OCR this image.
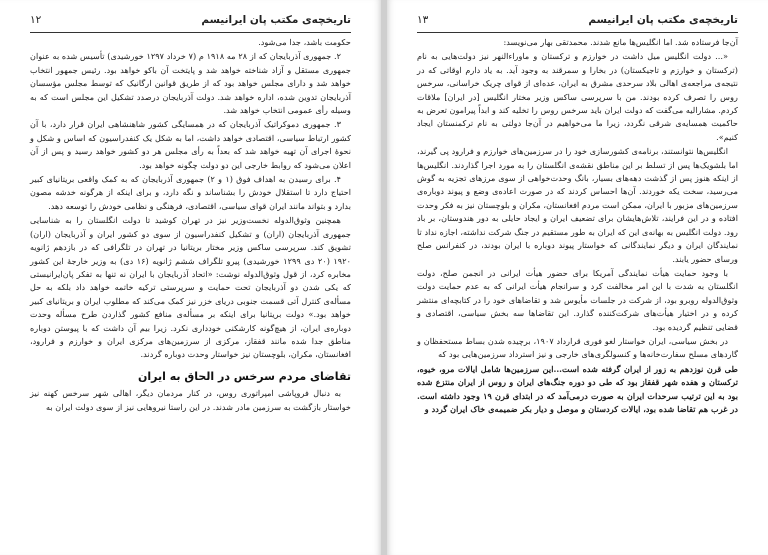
تاریخچه‌ی مکتب پان ایرانیسم
۱۲

حکومت باشد، جدا می‌شود.

۲. جمهوری آذربایجان که از ۲۸ مه ۱۹۱۸ م (۷ خرداد ۱۲۹۷ خورشیدی) تأسیس شده به عنوان جمهوری مستقل و آزاد شناخته خواهد شد و پایتخت آن باکو خواهد بود. رئیس جمهور انتخاب خواهد شد و دارای مجلس خواهد بود که از طریق قوانین ارگانیک که توسط مجلس مؤسسان آذربایجان تدوین شده، اداره خواهد شد. دولت آذربایجان درصدد تشکیل این مجلس است که به وسیله رأی عمومی انتخاب خواهد شد.

۳. جمهوری دموکراتیک آذربایجان که در همسایگی کشور شاهنشاهی ایران قرار دارد، با آن کشور ارتباط سیاسی، اقتصادی خواهد داشت، اما به شکل یک کنفدراسیون که اساس و شکل و نحوهٔ اجرای آن تهیه خواهد شد که بعداً به رأی مجلس هر دو کشور خواهد رسید و پس از آن اعلان می‌شود که روابط خارجی این دو دولت چگونه خواهد بود.

۴. برای رسیدن به اهداف فوق (۱ و ۲) جمهوری آذربایجان که به کمک واقعی بریتانیای کبیر احتیاج دارد تا استقلال خودش را بشناساند و نگه دارد، و برای اینکه از هرگونه خدشه مصون بدارد و بتواند مانند ایران قوای سیاسی، اقتصادی، فرهنگی و نظامی خودش را توسعه دهد.

همچنین وثوق‌الدوله نخست‌وزیر نیز در تهران کوشید تا دولت انگلستان را به شناسایی جمهوری آذربایجان (اران) و تشکیل کنفدراسیون از سوی دو کشور ایران و آذربایجان (اران) تشویق کند. سرپرسی ساکس وزیر مختار بریتانیا در تهران در تلگرافی که در بازدهم ژانویه ۱۹۲۰ (۲۰ دی ۱۲۹۹ خورشیدی) پیرو تلگراف ششم ژانویه (۱۶ دی) به وزیر خارجهٔ این کشور مخابره کرد، از قول وثوق‌الدوله نوشت: «اتحاد آذربایجان با ایران نه تنها به تفکر پان‌ایرانیستی که یکی شدن دو آذربایجان تحت حمایت و سرپرستی ترکیه خاتمه خواهد داد بلکه به حل مسأله‌ی کنترل آتی قسمت جنوبی دریای خزر نیز کمک می‌کند که مطلوب ایران و بریتانیای کبیر خواهد بود.» دولت بریتانیا برای اینکه بر مسأله‌ی منافع کشور گذاردن طرح مسأله وحدت دوباره‌ی ایران، از هیچ‌گونه کارشکنی خودداری نکرد. زیرا بیم آن داشت که با پیوستن دوباره مناطق جدا شده مانند قفقاز، مرکزی از سرزمین‌های مرکزی ایران و خوارزم و فرارود، افغانستان، مکران، بلوچستان نیز خواستار وحدت دوباره گردند.

تقاضای مردم سرخس در الحاق به ایران

به دنبال فروپاشی امپراتوری روس، در کنار مردمان دیگر، اهالی شهر سرخس کهنه نیز خواستار بازگشت به سرزمین مادر شدند. در این راستا نیروهایی نیز از سوی دولت ایران به

تاریخچه‌ی مکتب پان ایرانیسم
۱۳

آن‌جا فرستاده شد. اما انگلیس‌ها مانع شدند. محمدتقی بهار می‌نویسد:

«... دولت انگلیس میل داشت در خوارزم و ترکستان و ماوراءالنهر نیز دولت‌هایی به نام (ترکستان و خوارزم و تاجیکستان) در بخارا و سمرقند به وجود آید. به یاد دارم اوقاتی که در نتیجه‌ی مراجعه‌ی اهالی بلاد سرحدی مشرق به ایران، عده‌ای از قوای چریک خراسانی، سرخس روس را تصرف کرده بودند. من با سرپرسی ساکس وزیر مختار انگلیس [در ایران] ملاقات کردم. مشارالیه می‌گفت که دولت ایران باید سرخس روس را تخلیه کند و ابداً پیرامون تعرض به حاکمیت همسایه‌ی شرقی نگردد، زیرا ما می‌خواهیم در آن‌جا دولتی به نام ترکمنستان ایجاد کنیم».

انگلیس‌ها نتوانستند، برنامه‌ی کشورسازی خود را در سرزمین‌های خوارزم و فرارود پی گیرند، اما بلشویک‌ها پس از تسلط بر این مناطق نقشه‌ی انگلستان را به مورد اجرا گذاردند. انگلیس‌ها از اینکه هنوز پس از گذشت دهه‌های بسیار، بانگ وحدت‌خواهی از سوی مرزهای تجزیه به گوش می‌رسید، سخت یکه خوردند. آن‌ها احساس کردند که در صورت اعاده‌ی وضع و پیوند دوباره‌ی سرزمین‌های مزبور با ایران، ممکن است مردم افغانستان، مکران و بلوچستان نیز به فکر وحدت افتاده و در این فرایند، تلاش‌هایشان برای تضعیف ایران و ایجاد حایلی به دور هندوستان، بر باد رود. دولت انگلیس به بهانه‌ی این که ایران به طور مستقیم در جنگ شرکت نداشته، اجازه نداد تا نمایندگان ایران و دیگر نمایندگانی که خواستار پیوند دوباره با ایران بودند، در کنفرانس صلح ورسای حضور یابند.

با وجود حمایت هیأت نمایندگی آمریکا برای حضور هیأت ایرانی در انجمن صلح، دولت انگلستان به شدت با این امر مخالفت کرد و سرانجام هیأت ایرانی که به عدم حمایت دولت وثوق‌الدوله روبرو بود، از شرکت در جلسات مأیوس شد و تقاضاهای خود را در کتابچه‌ای منتشر کرده و در اختیار هیأت‌های شرکت‌کننده گذارد. این تقاضاها سه بخش سیاسی، اقتصادی و قضایی تنظیم گردیده بود.

در بخش سیاسی، ایران خواستار لغو فوری قرارداد ۱۹۰۷، برچیده شدن بساط مستحفظان و گاردهای مسلح سفارت‌خانه‌ها و کنسولگری‌های خارجی و نیز استرداد سرزمین‌هایی بود که

طی قرن نوزدهم به زور از ایران گرفته شده است...این سرزمین‌ها شامل ایالات مرو، خیوه، ترکستان و هفده شهر قفقاز بود که طی دو دوره جنگ‌های ایران و روس از ایران منتزع شده بود به این ترتیب سرحدات ایران به صورت درمی‌آمد که در ابتدای قرن ۱۹ وجود داشته است. در غرب هم تقاضا شده بود، ایالات کردستان و موصل و دیار بکر ضمیمه‌ی خاک ایران گردد و
